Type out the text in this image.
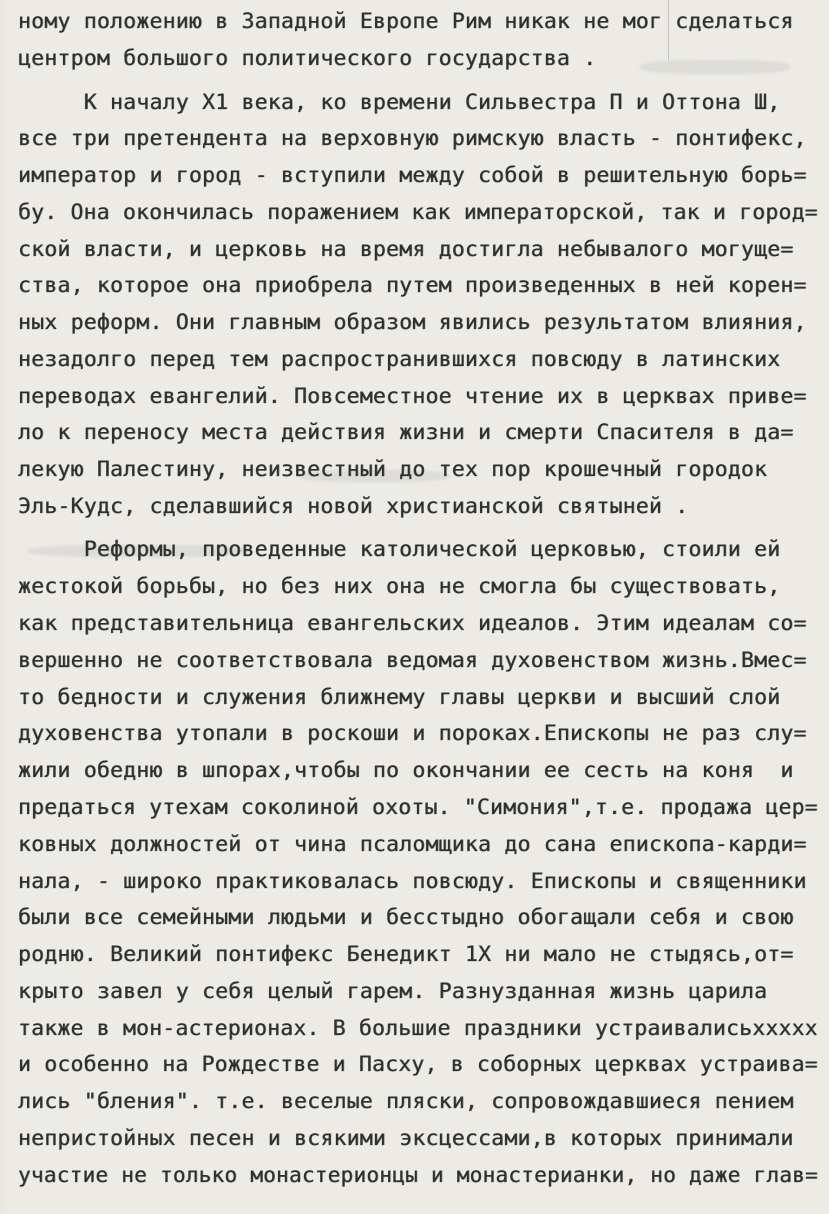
ному положению в Западной Европе Рим никак не мог сделаться
центром большого политического государства .
К началу Х1 века, ко времени Сильвестра П и Оттона Ш,
все три претендента на верховную римскую власть - понтифекс,
император и город - вступили между собой в решительную борь=
бу. Она окончилась поражением как императорской, так и город=
ской власти, и церковь на время достигла небывалого могуще=
ства, которое она приобрела путем произведенных в ней корен=
ных реформ. Они главным образом явились результатом влияния,
незадолго перед тем распространившихся повсюду в латинских
переводах евангелий. Повсеместное чтение их в церквах приве=
ло к переносу места действия жизни и смерти Спасителя в да=
лекую Палестину, неизвестный до тех пор крошечный городок
Эль-Кудс, сделавшийся новой христианской святыней .
Реформы, проведенные католической церковью, стоили ей
жестокой борьбы, но без них она не смогла бы существовать,
как представительница евангельских идеалов. Этим идеалам со=
вершенно не соответствовала ведомая духовенством жизнь.Вмес=
то бедности и служения ближнему главы церкви и высший слой
духовенства утопали в роскоши и пороках.Епископы не раз слу=
жили обедню в шпорах,чтобы по окончании ее сесть на коня  и
предаться утехам соколиной охоты. "Симония",т.е. продажа цер=
ковных должностей от чина псаломщика до сана епископа-карди=
нала, - широко практиковалась повсюду. Епископы и священники
были все семейными людьми и бесстыдно обогащали себя и свою
родню. Великий понтифекс Бенедикт 1Х ни мало не стыдясь,от=
крыто завел у себя целый гарем. Разнузданная жизнь царила
также в мон-астерионах. В большие праздники устраивалисьxxxxx
и особенно на Рождестве и Пасху, в соборных церквах устраива=
лись "бления". т.е. веселые пляски, сопровождавшиеся пением
непристойных песен и всякими эксцессами,в которых принимали
участие не только монастерионцы и монастерианки, но даже глав=
